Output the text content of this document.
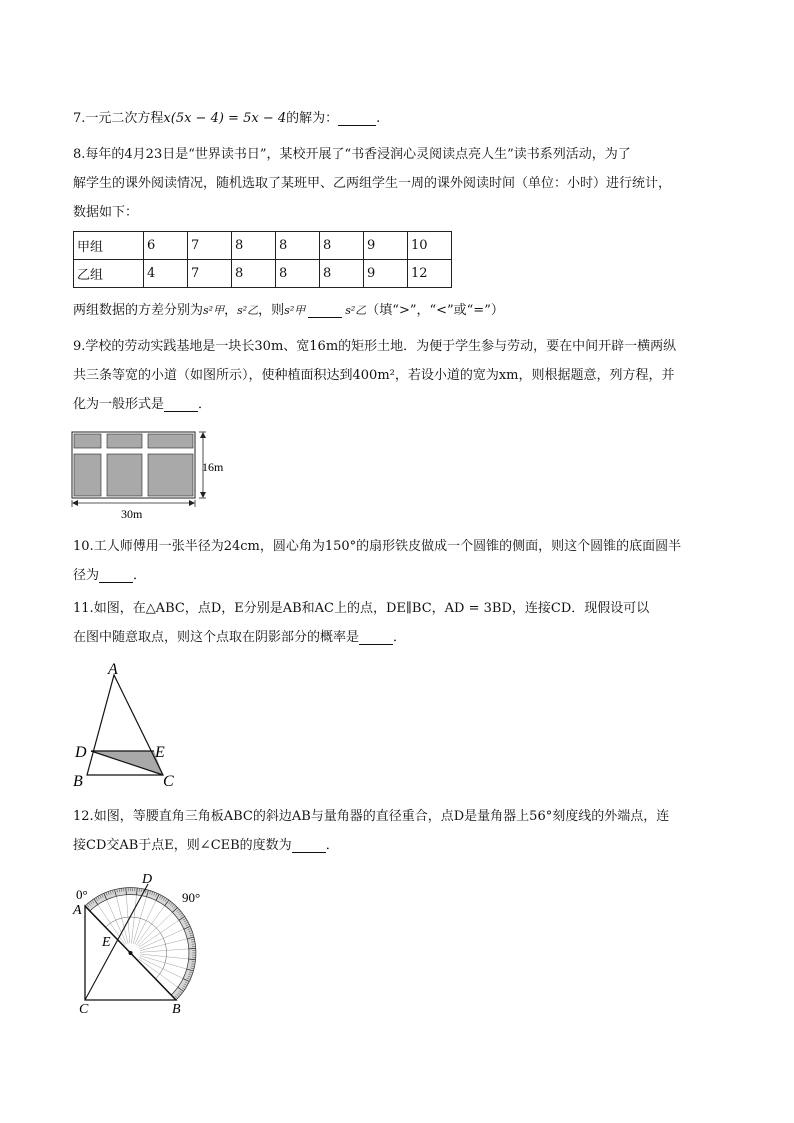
7.一元二次方程x(5x − 4) = 5x − 4的解为：	.
8.每年的4月23日是“世界读书日”，某校开展了“书香浸润心灵阅读点亮人生”读书系列活动，为了
解学生的课外阅读情况，随机选取了某班甲、乙两组学生一周的课外阅读时间（单位：小时）进行统计，
数据如下：
甲组	6	7	8	8	8	9	10
乙组	4	7	8	8	8	9	12
两组数据的方差分别为s²甲，s²乙，则s²甲	s²乙（填“>”，“<”或“=”）
9.学校的劳动实践基地是一块长30m、宽16m的矩形土地．为便于学生参与劳动，要在中间开辟一横两纵
共三条等宽的小道（如图所示），使种植面积达到400m²，若设小道的宽为xm，则根据题意，列方程，并
化为一般形式是	．
16m
30m
10.工人师傅用一张半径为24cm，圆心角为150°的扇形铁皮做成一个圆锥的侧面，则这个圆锥的底面圆半
径为	．
11.如图，在△ABC，点D，E分别是AB和AC上的点，DE∥BC，AD = 3BD，连接CD．现假设可以
在图中随意取点，则这个点取在阴影部分的概率是	．
A
D	E
B	C
12.如图，等腰直角三角板ABC的斜边AB与量角器的直径重合，点D是量角器上56°刻度线的外端点，连
接CD交AB于点E，则∠CEB的度数为	．
0°	90°
D
A
E
C	B
